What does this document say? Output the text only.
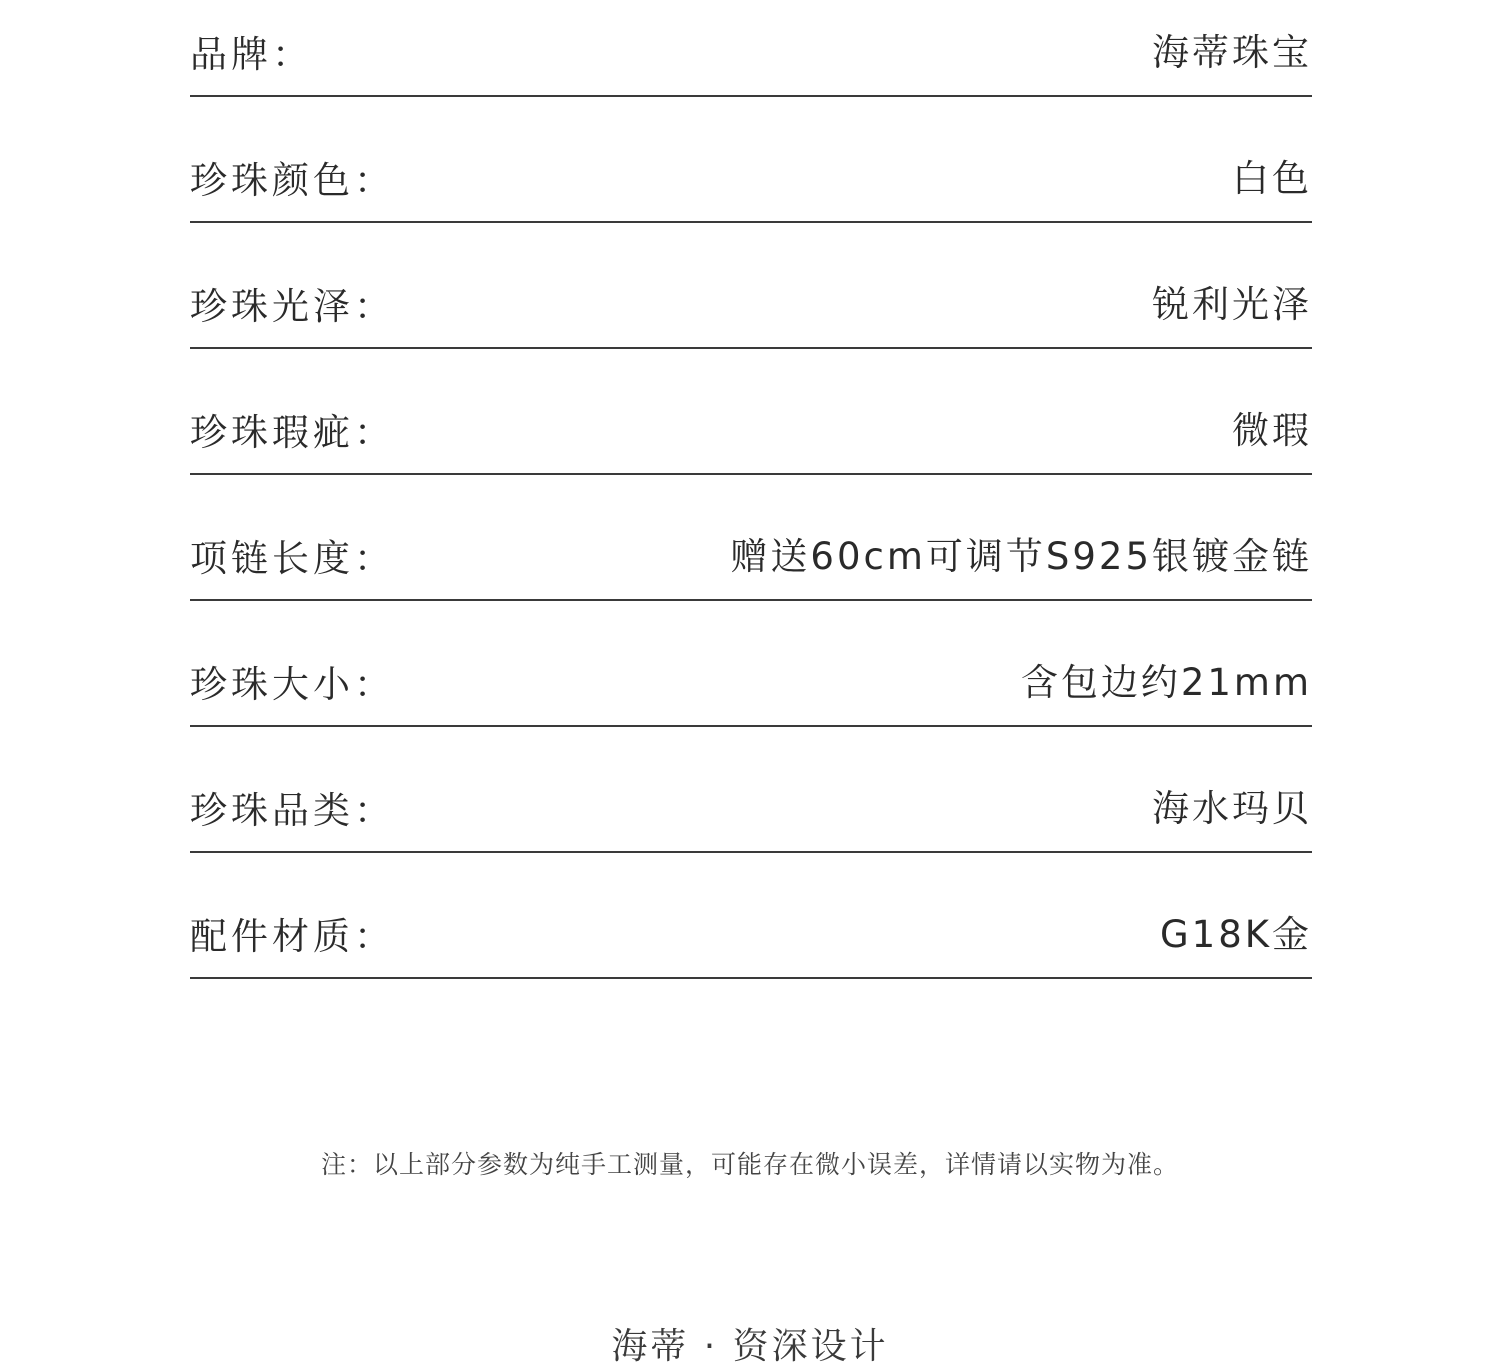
品牌：	海蒂珠宝
珍珠颜色：	白色
珍珠光泽：	锐利光泽
珍珠瑕疵：	微瑕
项链长度：	赠送60cm可调节S925银镀金链
珍珠大小：	含包边约21mm
珍珠品类：	海水玛贝
配件材质：	G18K金
注：以上部分参数为纯手工测量，可能存在微小误差，详情请以实物为准。
海蒂 · 资深设计
